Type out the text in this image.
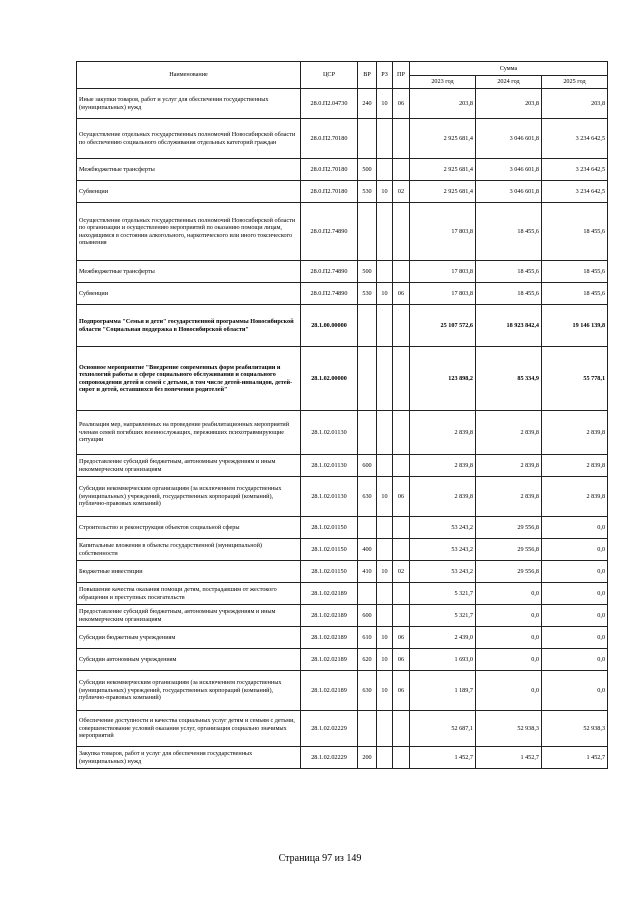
Наименование	ЦСР	ВР	РЗ	ПР	Сумма		
					2023 год	2024 год	2025 год
Иные закупки товаров, работ и услуг для обеспечения государственных (муниципальных) нужд	28.0.П2.04730	240	10	06	203,8	203,8	203,8
Осуществление отдельных государственных полномочий Новосибирской области по обеспечению социального обслуживания отдельных категорий граждан	28.0.П2.70180				2 925 681,4	3 046 601,8	3 234 642,5
Межбюджетные трансферты	28.0.П2.70180	500			2 925 681,4	3 046 601,8	3 234 642,5
Субвенции	28.0.П2.70180	530	10	02	2 925 681,4	3 046 601,8	3 234 642,5
Осуществление отдельных государственных полномочий Новосибирской области по организации и осуществлению мероприятий по оказанию помощи лицам, находящимся в состоянии алкогольного, наркотического или иного токсического опьянения	28.0.П2.74890				17 803,8	18 455,6	18 455,6
Межбюджетные трансферты	28.0.П2.74890	500			17 803,8	18 455,6	18 455,6
Субвенции	28.0.П2.74890	530	10	06	17 803,8	18 455,6	18 455,6
Подпрограмма "Семья и дети" государственной программы Новосибирской области "Социальная поддержка в Новосибирской области"	28.1.00.00000				25 107 572,6	18 923 842,4	19 146 139,8
Основное мероприятие "Внедрение современных форм реабилитации и технологий работы в сфере социального обслуживания и социального сопровождения детей и семей с детьми, в том числе детей-инвалидов, детей-сирот и детей, оставшихся без попечения родителей"	28.1.02.00000				123 898,2	85 334,9	55 778,1
Реализация мер, направленных на проведение реабилитационных мероприятий членам семей погибших военнослужащих, переживших психотравмирующие ситуации	28.1.02.01130				2 839,8	2 839,8	2 839,8
Предоставление субсидий бюджетным, автономным учреждениям и иным некоммерческим организациям	28.1.02.01130	600			2 839,8	2 839,8	2 839,8
Субсидии некоммерческим организациям (за исключением государственных (муниципальных) учреждений, государственных корпораций (компаний), публично-правовых компаний)	28.1.02.01130	630	10	06	2 839,8	2 839,8	2 839,8
Строительство и реконструкция объектов социальной сферы	28.1.02.01150				53 243,2	29 556,8	0,0
Капитальные вложения в объекты государственной (муниципальной) собственности	28.1.02.01150	400			53 243,2	29 556,8	0,0
Бюджетные инвестиции	28.1.02.01150	410	10	02	53 243,2	29 556,8	0,0
Повышение качества оказания помощи детям, пострадавшим от жестокого обращения и преступных посягательств	28.1.02.02189				5 321,7	0,0	0,0
Предоставление субсидий бюджетным, автономным учреждениям и иным некоммерческим организациям	28.1.02.02189	600			5 321,7	0,0	0,0
Субсидии бюджетным учреждениям	28.1.02.02189	610	10	06	2 439,0	0,0	0,0
Субсидии автономным учреждениям	28.1.02.02189	620	10	06	1 693,0	0,0	0,0
Субсидии некоммерческим организациям (за исключением государственных (муниципальных) учреждений, государственных корпораций (компаний), публично-правовых компаний)	28.1.02.02189	630	10	06	1 189,7	0,0	0,0
Обеспечение доступности и качества социальных услуг детям и семьям с детьми, совершенствование условий оказания услуг, организация социально значимых мероприятий	28.1.02.02229				52 687,1	52 938,3	52 938,3
Закупка товаров, работ и услуг для обеспечения государственных (муниципальных) нужд	28.1.02.02229	200			1 452,7	1 452,7	1 452,7
Страница 97 из 149
